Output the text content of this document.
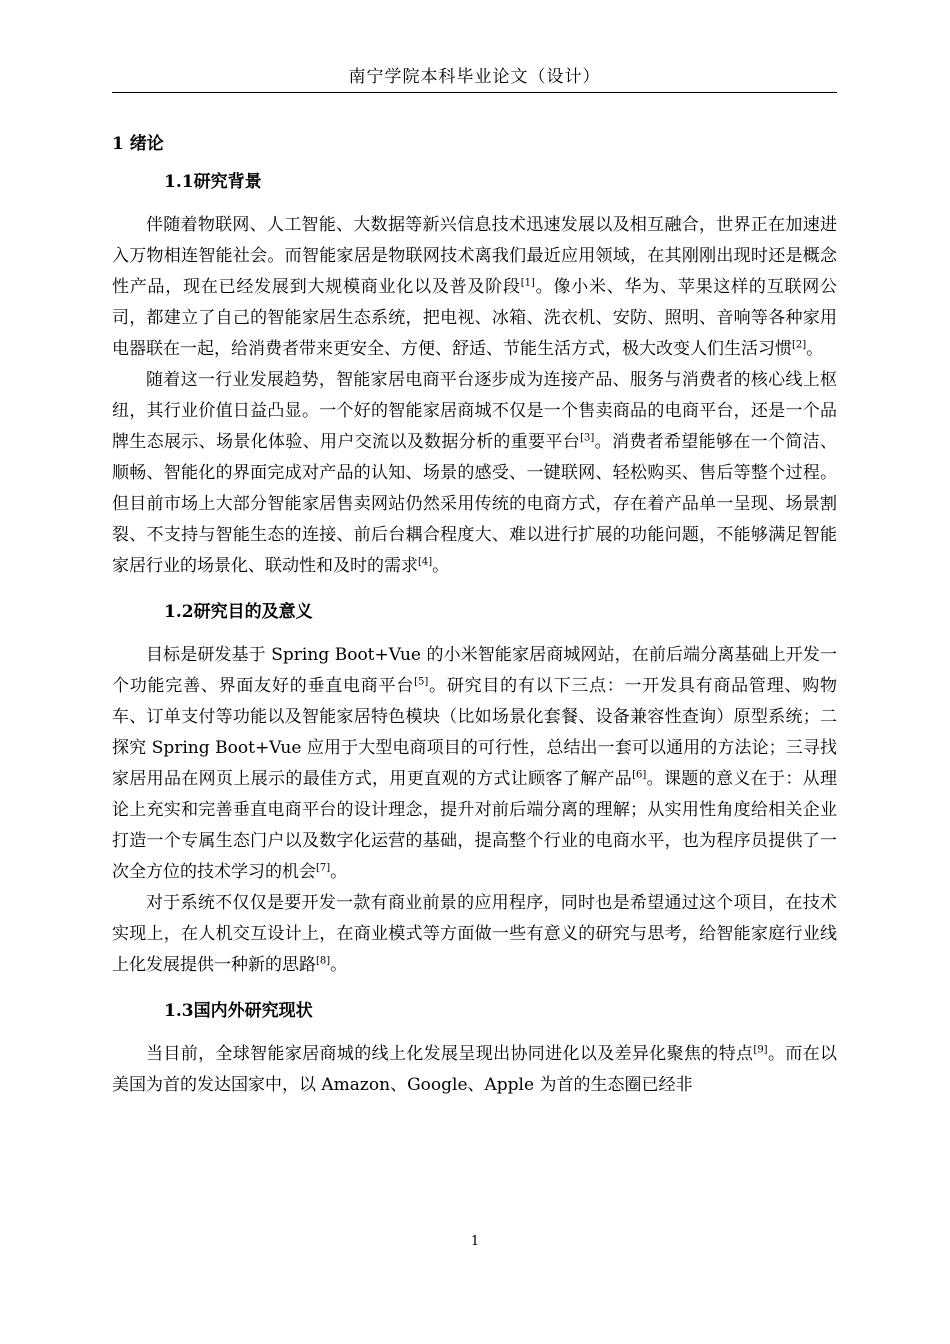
南宁学院本科毕业论文（设计）
1 绪论
1.1研究背景

伴随着物联网、人工智能、大数据等新兴信息技术迅速发展以及相互融合，世界正在加速进入万物相连智能社会。而智能家居是物联网技术离我们最近应用领域，在其刚刚出现时还是概念性产品，现在已经发展到大规模商业化以及普及阶段[1]。像小米、华为、苹果这样的互联网公司，都建立了自己的智能家居生态系统，把电视、冰箱、洗衣机、安防、照明、音响等各种家用电器联在一起，给消费者带来更安全、方便、舒适、节能生活方式，极大改变人们生活习惯[2]。

随着这一行业发展趋势，智能家居电商平台逐步成为连接产品、服务与消费者的核心线上枢纽，其行业价值日益凸显。一个好的智能家居商城不仅是一个售卖商品的电商平台，还是一个品牌生态展示、场景化体验、用户交流以及数据分析的重要平台[3]。消费者希望能够在一个简洁、顺畅、智能化的界面完成对产品的认知、场景的感受、一键联网、轻松购买、售后等整个过程。但目前市场上大部分智能家居售卖网站仍然采用传统的电商方式，存在着产品单一呈现、场景割裂、不支持与智能生态的连接、前后台耦合程度大、难以进行扩展的功能问题，不能够满足智能家居行业的场景化、联动性和及时的需求[4]。

1.2研究目的及意义

目标是研发基于 Spring Boot+Vue 的小米智能家居商城网站，在前后端分离基础上开发一个功能完善、界面友好的垂直电商平台[5]。研究目的有以下三点：一开发具有商品管理、购物车、订单支付等功能以及智能家居特色模块（比如场景化套餐、设备兼容性查询）原型系统；二探究 Spring Boot+Vue 应用于大型电商项目的可行性，总结出一套可以通用的方法论；三寻找家居用品在网页上展示的最佳方式，用更直观的方式让顾客了解产品[6]。课题的意义在于：从理论上充实和完善垂直电商平台的设计理念，提升对前后端分离的理解；从实用性角度给相关企业打造一个专属生态门户以及数字化运营的基础，提高整个行业的电商水平，也为程序员提供了一次全方位的技术学习的机会[7]。

对于系统不仅仅是要开发一款有商业前景的应用程序，同时也是希望通过这个项目，在技术实现上，在人机交互设计上，在商业模式等方面做一些有意义的研究与思考，给智能家庭行业线上化发展提供一种新的思路[8]。

1.3国内外研究现状

当目前，全球智能家居商城的线上化发展呈现出协同进化以及差异化聚焦的特点[9]。而在以美国为首的发达国家中，以 Amazon、Google、Apple 为首的生态圈已经非

1
